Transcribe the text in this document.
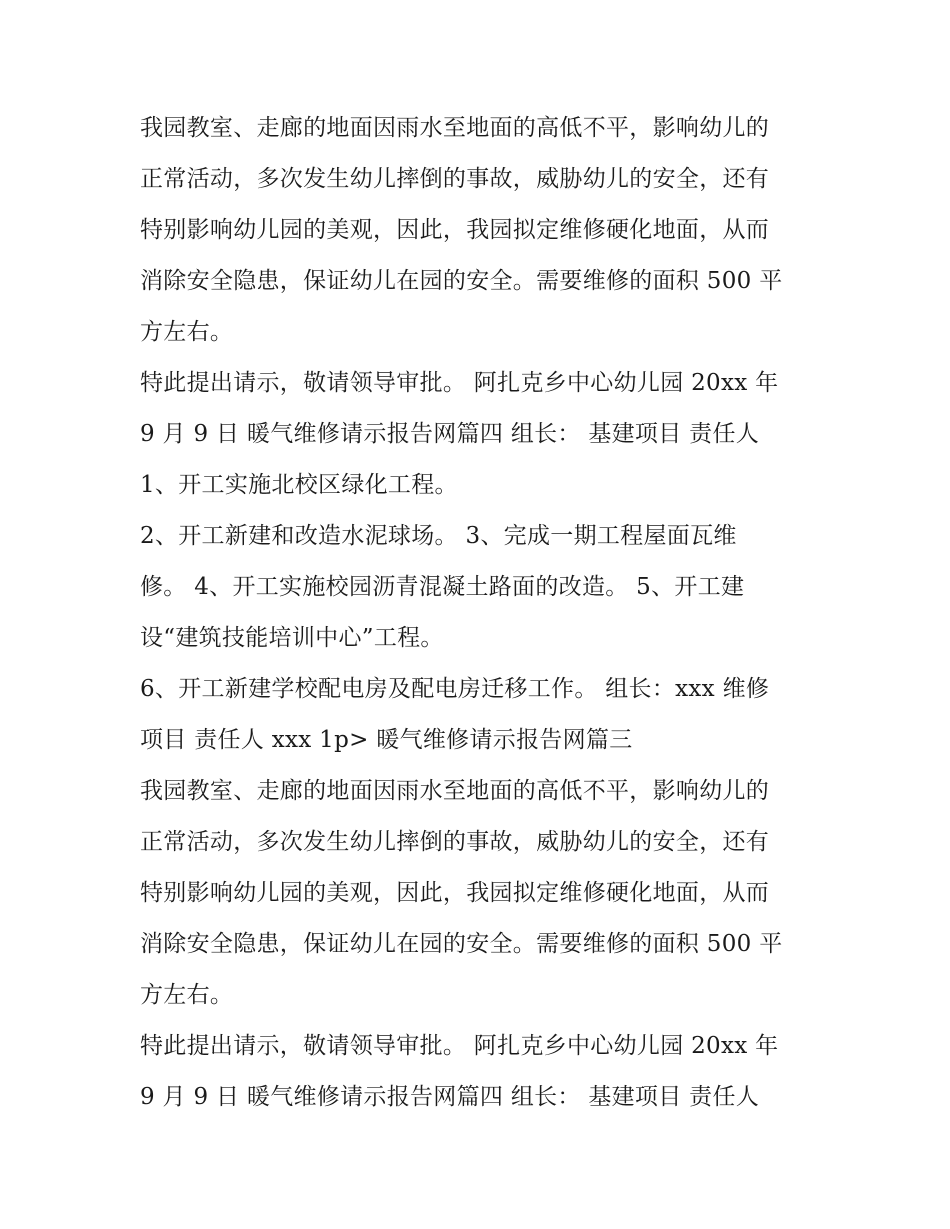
我园教室、走廊的地面因雨水至地面的高低不平，影响幼儿的
正常活动，多次发生幼儿摔倒的事故，威胁幼儿的安全，还有
特别影响幼儿园的美观，因此，我园拟定维修硬化地面，从而
消除安全隐患，保证幼儿在园的安全。需要维修的面积 500 平
方左右。
特此提出请示，敬请领导审批。 阿扎克乡中心幼儿园 20xx 年
9 月 9 日 暖气维修请示报告网篇四 组长： 基建项目 责任人
1、开工实施北校区绿化工程。
2、开工新建和改造水泥球场。 3、完成一期工程屋面瓦维
修。 4、开工实施校园沥青混凝土路面的改造。 5、开工建
设“建筑技能培训中心”工程。
6、开工新建学校配电房及配电房迁移工作。 组长：xxx 维修
项目 责任人 xxx 1p> 暖气维修请示报告网篇三
我园教室、走廊的地面因雨水至地面的高低不平，影响幼儿的
正常活动，多次发生幼儿摔倒的事故，威胁幼儿的安全，还有
特别影响幼儿园的美观，因此，我园拟定维修硬化地面，从而
消除安全隐患，保证幼儿在园的安全。需要维修的面积 500 平
方左右。
特此提出请示，敬请领导审批。 阿扎克乡中心幼儿园 20xx 年
9 月 9 日 暖气维修请示报告网篇四 组长： 基建项目 责任人
